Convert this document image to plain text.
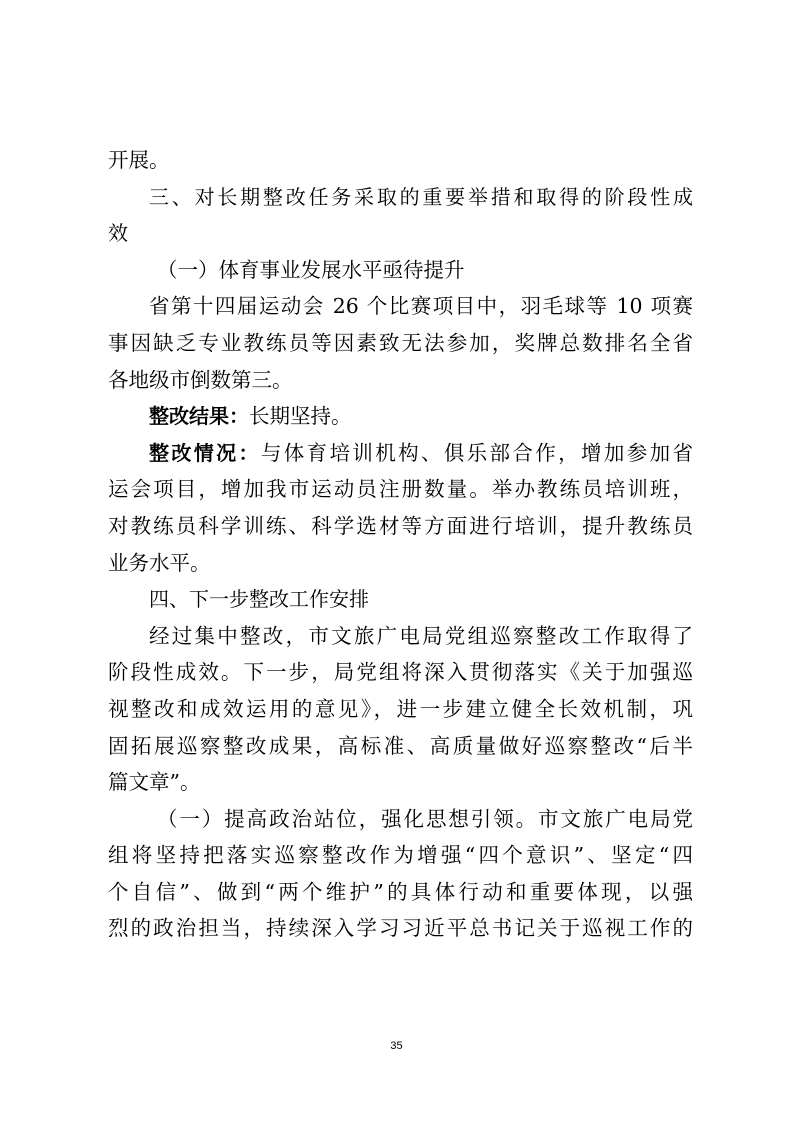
开展。
三、对长期整改任务采取的重要举措和取得的阶段性成
效
（一）体育事业发展水平亟待提升
省第十四届运动会 26 个比赛项目中，羽毛球等 10 项赛
事因缺乏专业教练员等因素致无法参加，奖牌总数排名全省
各地级市倒数第三。
整改结果：长期坚持。
整改情况：与体育培训机构、俱乐部合作，增加参加省
运会项目，增加我市运动员注册数量。举办教练员培训班，
对教练员科学训练、科学选材等方面进行培训，提升教练员
业务水平。
四、下一步整改工作安排
经过集中整改，市文旅广电局党组巡察整改工作取得了
阶段性成效。下一步，局党组将深入贯彻落实《关于加强巡
视整改和成效运用的意见》，进一步建立健全长效机制，巩
固拓展巡察整改成果，高标准、高质量做好巡察整改“后半
篇文章”。
（一）提高政治站位，强化思想引领。市文旅广电局党
组将坚持把落实巡察整改作为增强“四个意识”、坚定“四
个自信”、做到“两个维护”的具体行动和重要体现，以强
烈的政治担当，持续深入学习习近平总书记关于巡视工作的
35
